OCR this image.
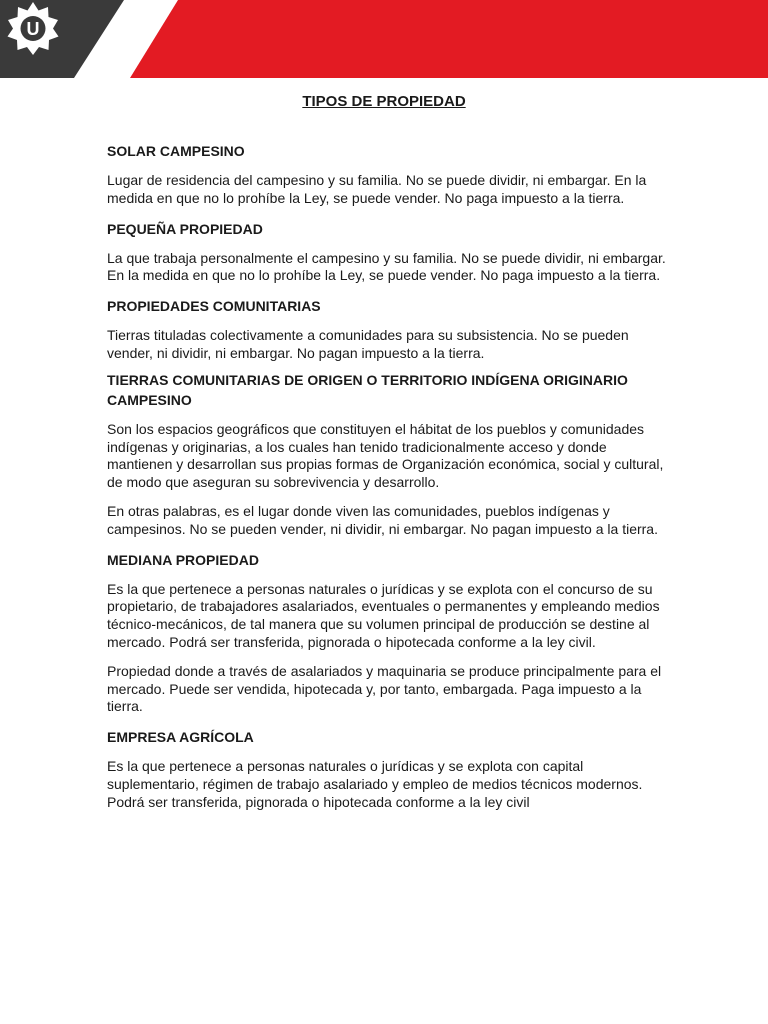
U
TIPOS DE PROPIEDAD
SOLAR CAMPESINO

Lugar de residencia del campesino y su familia. No se puede dividir, ni embargar. En la medida en que no lo prohíbe la Ley, se puede vender. No paga impuesto a la tierra.

PEQUEÑA PROPIEDAD

La que trabaja personalmente el campesino y su familia. No se puede dividir, ni embargar. En la medida en que no lo prohíbe la Ley, se puede vender. No paga impuesto a la tierra.

PROPIEDADES COMUNITARIAS

Tierras tituladas colectivamente a comunidades para su subsistencia. No se pueden vender, ni dividir, ni embargar. No pagan impuesto a la tierra.

TIERRAS COMUNITARIAS DE ORIGEN O TERRITORIO INDÍGENA ORIGINARIO CAMPESINO

Son los espacios geográficos que constituyen el hábitat de los pueblos y comunidades indígenas y originarias, a los cuales han tenido tradicionalmente acceso y donde mantienen y desarrollan sus propias formas de Organización económica, social y cultural, de modo que aseguran su sobrevivencia y desarrollo.

En otras palabras, es el lugar donde viven las comunidades, pueblos indígenas y campesinos. No se pueden vender, ni dividir, ni embargar. No pagan impuesto a la tierra.

MEDIANA PROPIEDAD

Es la que pertenece a personas naturales o jurídicas y se explota con el concurso de su propietario, de trabajadores asalariados, eventuales o permanentes y empleando medios técnico-mecánicos, de tal manera que su volumen principal de producción se destine al mercado. Podrá ser transferida, pignorada o hipotecada conforme a la ley civil.

Propiedad donde a través de asalariados y maquinaria se produce principalmente para el mercado. Puede ser vendida, hipotecada y, por tanto, embargada. Paga impuesto a la tierra.

EMPRESA AGRÍCOLA

Es la que pertenece a personas naturales o jurídicas y se explota con capital suplementario, régimen de trabajo asalariado y empleo de medios técnicos modernos. Podrá ser transferida, pignorada o hipotecada conforme a la ley civil
